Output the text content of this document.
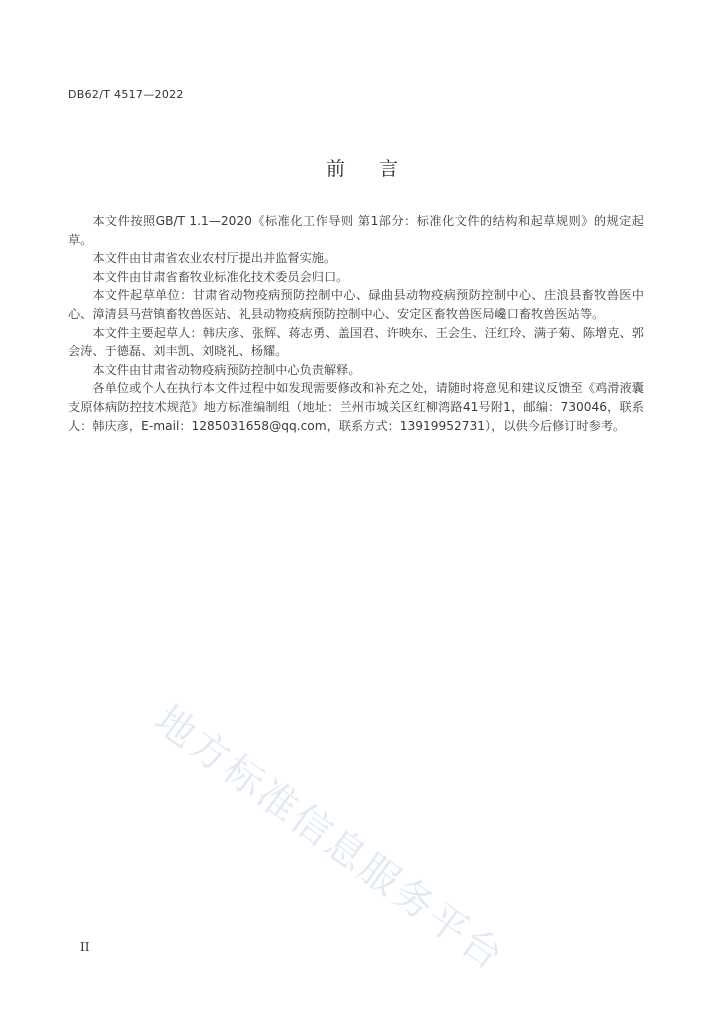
DB62/T 4517—2022
前言

本文件按照GB/T 1.1—2020《标准化工作导则 第1部分：标准化文件的结构和起草规则》的规定起草。

本文件由甘肃省农业农村厅提出并监督实施。

本文件由甘肃省畜牧业标准化技术委员会归口。

本文件起草单位：甘肃省动物疫病预防控制中心、碌曲县动物疫病预防控制中心、庄浪县畜牧兽医中心、漳清县马营镇畜牧兽医站、礼县动物疫病预防控制中心、安定区畜牧兽医局巉口畜牧兽医站等。

本文件主要起草人：韩庆彦、张辉、蒋志勇、盖国君、许映东、王会生、汪红玲、满子菊、陈增克、郭会涛、于德磊、刘丰凯、刘晓礼、杨耀。

本文件由甘肃省动物疫病预防控制中心负责解释。

各单位或个人在执行本文件过程中如发现需要修改和补充之处，请随时将意见和建议反馈至《鸡滑液囊支原体病防控技术规范》地方标准编制组（地址：兰州市城关区红柳湾路41号附1，邮编：730046，联系人：韩庆彦，E-mail：1285031658@qq.com，联系方式：13919952731），以供今后修订时参考。

地方标准信息服务平台
II
